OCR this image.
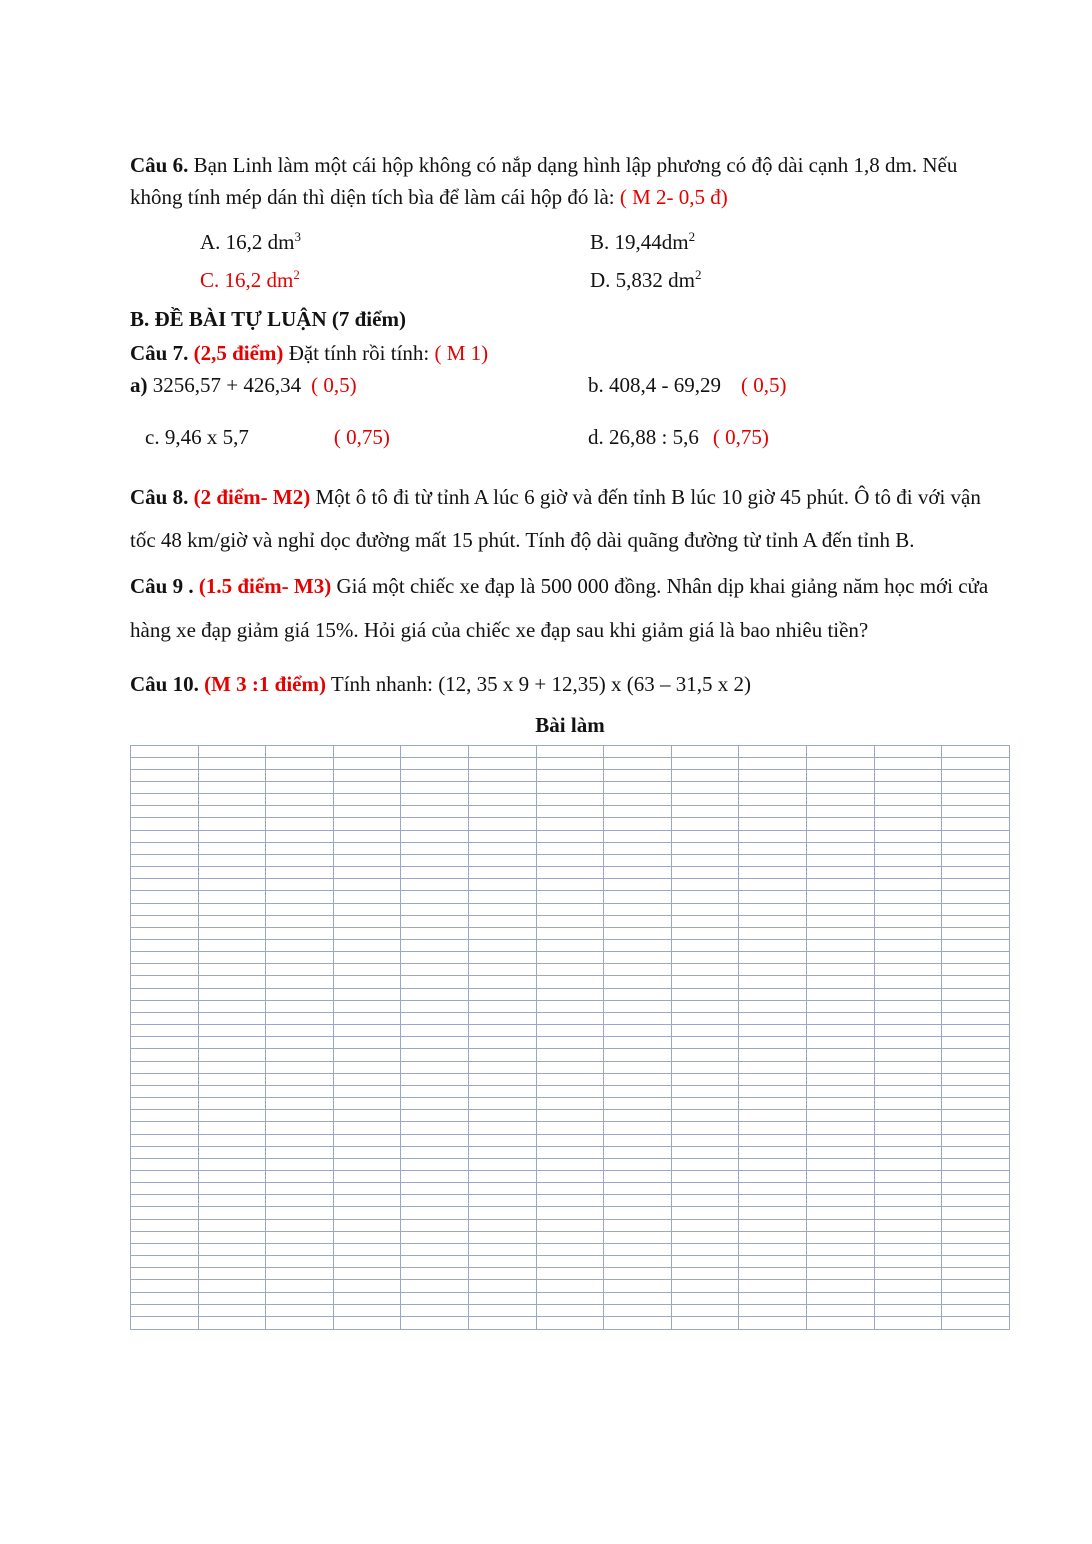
Câu 6. Bạn Linh làm một cái hộp không có nắp dạng hình lập phương có độ dài cạnh 1,8 dm. Nếu không tính mép dán thì diện tích bìa để làm cái hộp đó là: ( M 2- 0,5 đ)

A. 16,2 $dm^3$	B. $19,44dm^2$
C. 16,2 $dm^2$	D. 5,832 $dm^2$

B. ĐỀ BÀI TỰ LUẬN (7 điểm)

Câu 7. (2,5 điểm) Đặt tính rồi tính: ( M 1)

a) 3256,57 + 426,34 ( 0,5)	b. 408,4 - 69,29 ( 0,5)
c. 9,46 x 5,7	( 0,75)	d. 26,88 : 5,6 ( 0,75)

Câu 8. (2 điểm- M2) Một ô tô đi từ tỉnh A lúc 6 giờ và đến tỉnh B lúc 10 giờ 45 phút. Ô tô đi với vận tốc 48 km/giờ và nghỉ dọc đường mất 15 phút. Tính độ dài quãng đường từ tỉnh A đến tỉnh B.

Câu 9 . (1.5 điểm- M3) Giá một chiếc xe đạp là 500 000 đồng. Nhân dịp khai giảng năm học mới cửa hàng xe đạp giảm giá 15%. Hỏi giá của chiếc xe đạp sau khi giảm giá là bao nhiêu tiền?

Câu 10. (M 3 :1 điểm) Tính nhanh: (12, 35 x 9 + 12,35) x (63 – 31,5 x 2)

Bài làm
